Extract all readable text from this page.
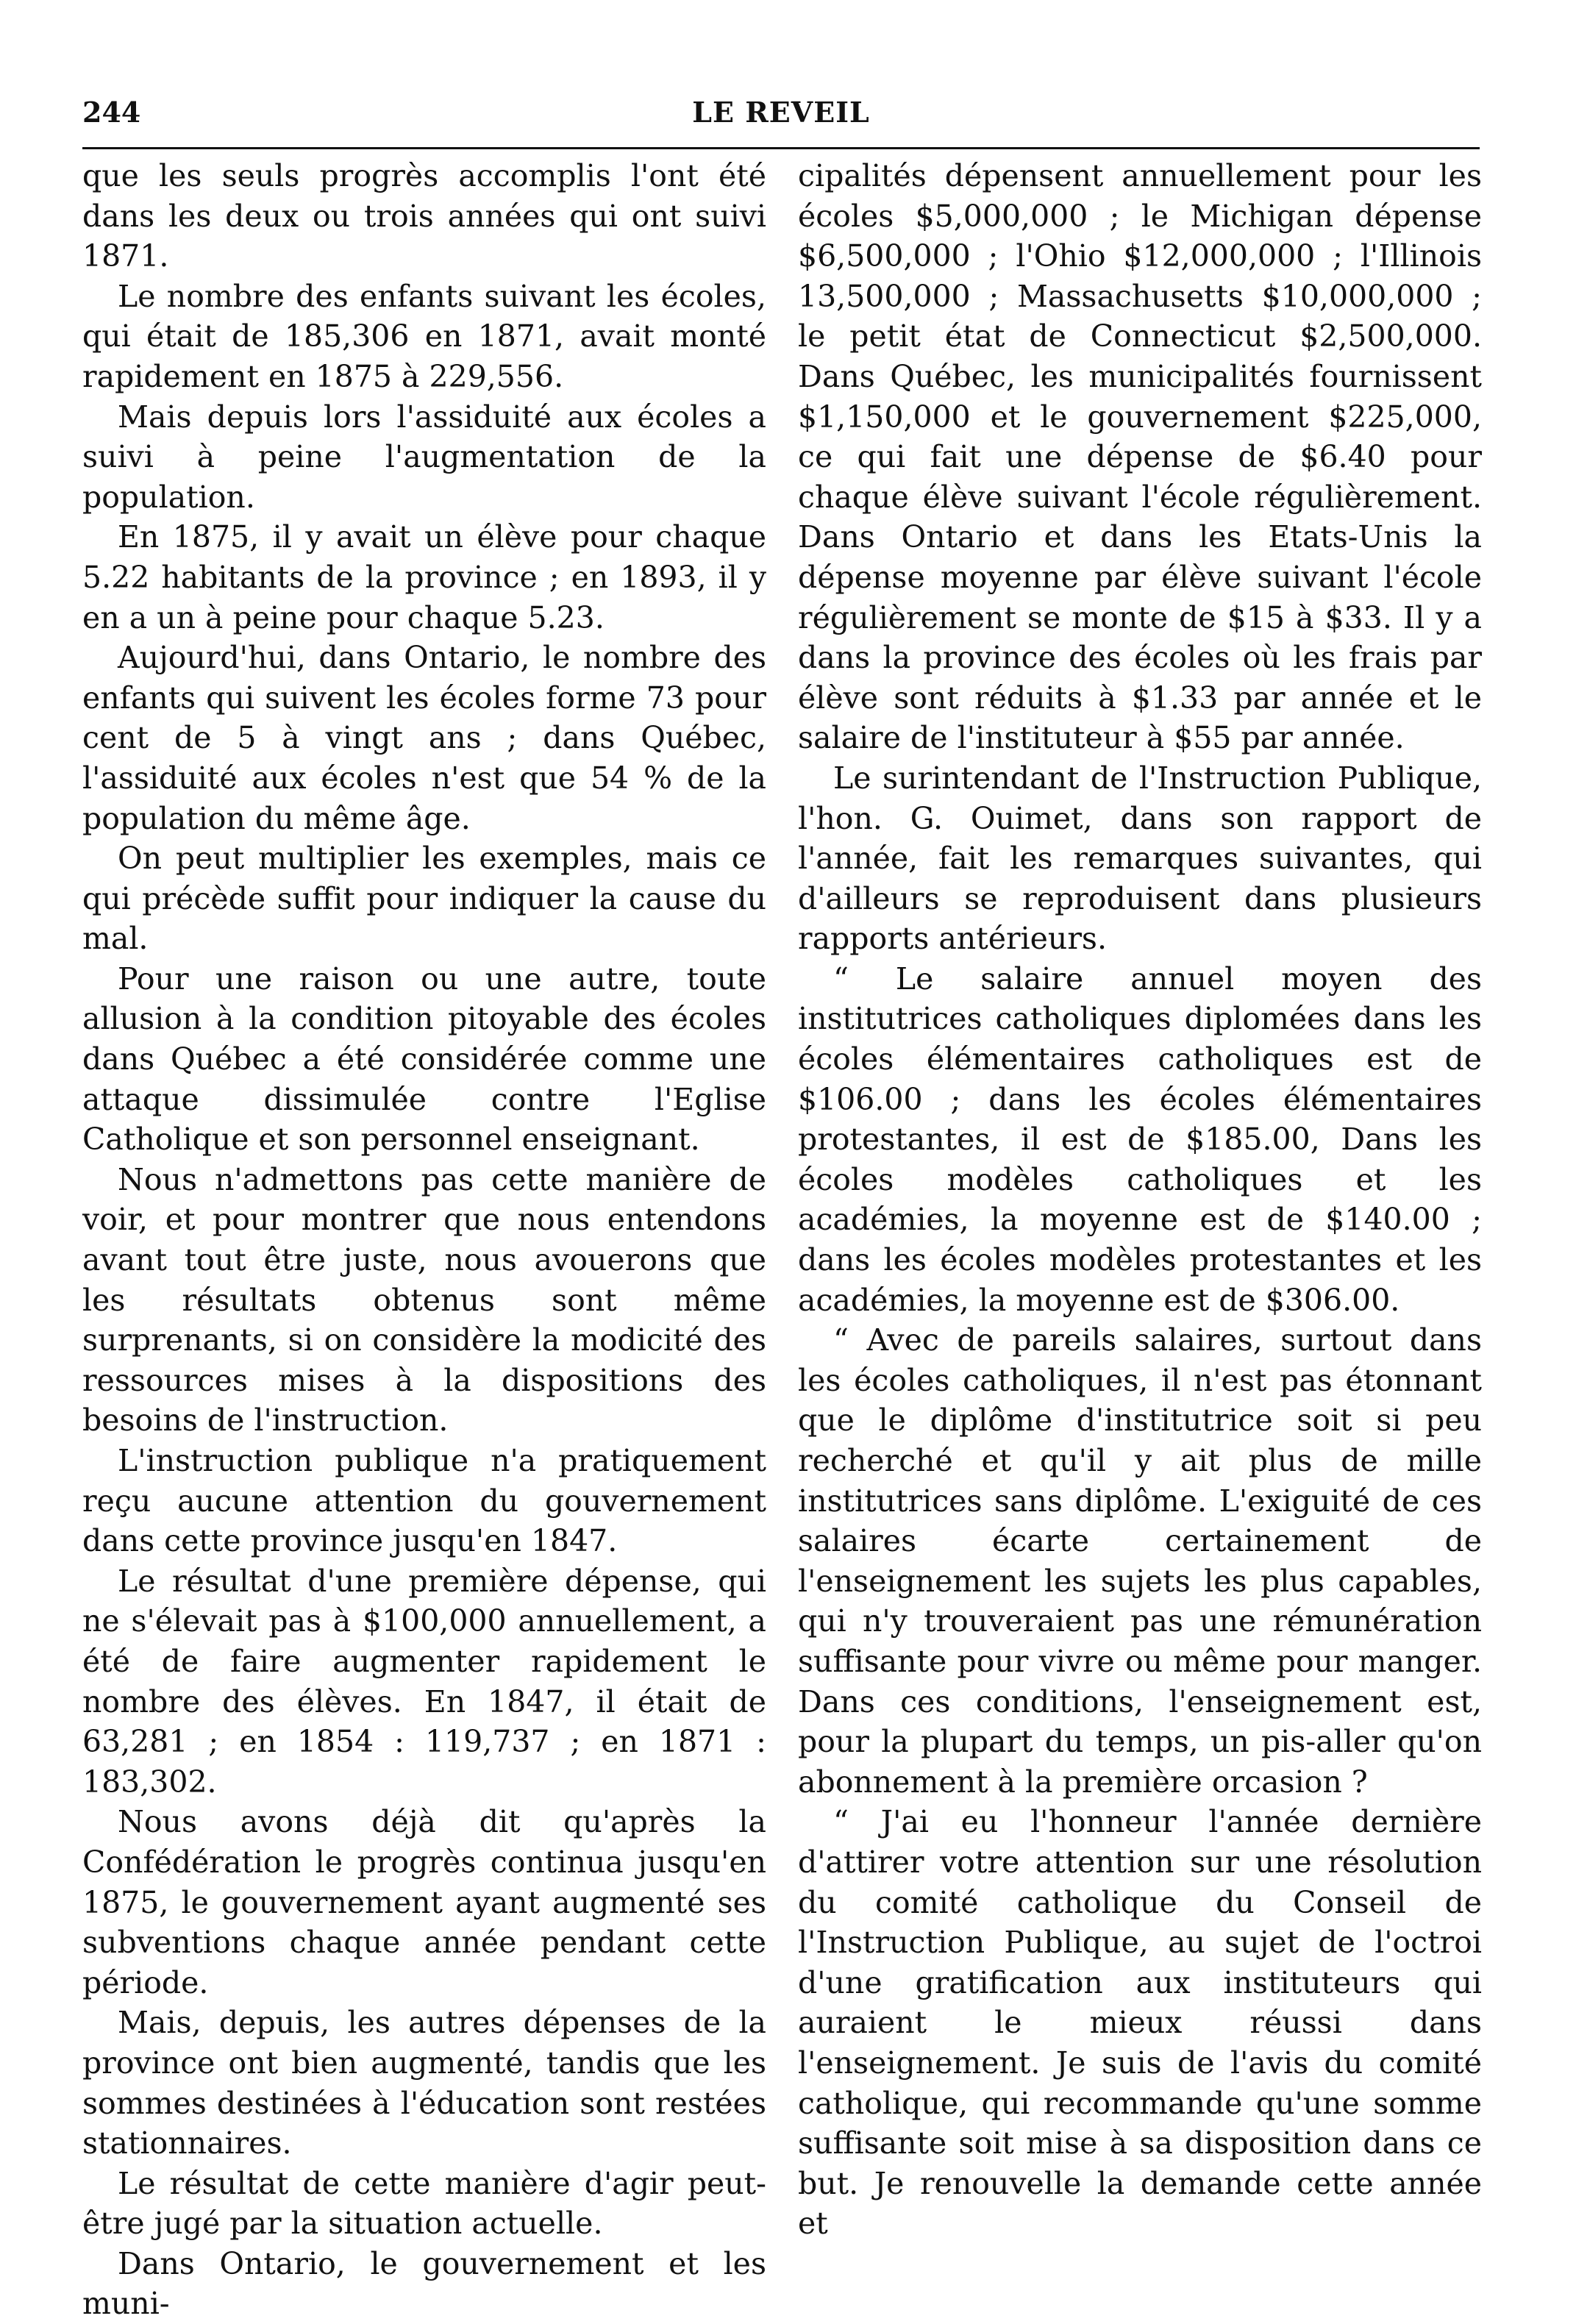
244	LE REVEIL

que les seuls progrès accomplis l'ont été dans les deux ou trois années qui ont suivi 1871.

Le nombre des enfants suivant les écoles, qui était de 185,306 en 1871, avait monté rapidement en 1875 à 229,556.

Mais depuis lors l'assiduité aux écoles a suivi à peine l'augmentation de la population.

En 1875, il y avait un élève pour chaque 5.22 habitants de la province ; en 1893, il y en a un à peine pour chaque 5.23.

Aujourd'hui, dans Ontario, le nombre des enfants qui suivent les écoles forme 73 pour cent de 5 à vingt ans ; dans Québec, l'assiduité aux écoles n'est que 54 % de la population du même âge.

On peut multiplier les exemples, mais ce qui précède suffit pour indiquer la cause du mal.

Pour une raison ou une autre, toute allusion à la condition pitoyable des écoles dans Québec a été considérée comme une attaque dissimulée contre l'Eglise Catholique et son personnel enseignant.

Nous n'admettons pas cette manière de voir, et pour montrer que nous entendons avant tout être juste, nous avouerons que les résultats obtenus sont même surprenants, si on considère la modicité des ressources mises à la dispositions des besoins de l'instruction.

L'instruction publique n'a pratiquement reçu aucune attention du gouvernement dans cette province jusqu'en 1847.

Le résultat d'une première dépense, qui ne s'élevait pas à $100,000 annuellement, a été de faire augmenter rapidement le nombre des élèves. En 1847, il était de 63,281 ; en 1854 : 119,737 ; en 1871 : 183,302.

Nous avons déjà dit qu'après la Confédération le progrès continua jusqu'en 1875, le gouvernement ayant augmenté ses subventions chaque année pendant cette période.

Mais, depuis, les autres dépenses de la province ont bien augmenté, tandis que les sommes destinées à l'éducation sont restées stationnaires.

Le résultat de cette manière d'agir peut-être jugé par la situation actuelle.

Dans Ontario, le gouvernement et les muni-

cipalités dépensent annuellement pour les écoles $5,000,000 ; le Michigan dépense $6,500,000 ; l'Ohio $12,000,000 ; l'Illinois 13,500,000 ; Massachusetts $10,000,000 ; le petit état de Connecticut $2,500,000. Dans Québec, les municipalités fournissent $1,150,000 et le gouvernement $225,000, ce qui fait une dépense de $6.40 pour chaque élève suivant l'école régulièrement. Dans Ontario et dans les Etats-Unis la dépense moyenne par élève suivant l'école régulièrement se monte de $15 à $33. Il y a dans la province des écoles où les frais par élève sont réduits à $1.33 par année et le salaire de l'instituteur à $55 par année.

Le surintendant de l'Instruction Publique, l'hon. G. Ouimet, dans son rapport de l'année, fait les remarques suivantes, qui d'ailleurs se reproduisent dans plusieurs rapports antérieurs.

“ Le salaire annuel moyen des institutrices catholiques diplomées dans les écoles élémentaires catholiques est de $106.00 ; dans les écoles élémentaires protestantes, il est de $185.00, Dans les écoles modèles catholiques et les académies, la moyenne est de $140.00 ; dans les écoles modèles protestantes et les académies, la moyenne est de $306.00.

“ Avec de pareils salaires, surtout dans les écoles catholiques, il n'est pas étonnant que le diplôme d'institutrice soit si peu recherché et qu'il y ait plus de mille institutrices sans diplôme. L'exiguité de ces salaires écarte certainement de l'enseignement les sujets les plus capables, qui n'y trouveraient pas une rémunération suffisante pour vivre ou même pour manger. Dans ces conditions, l'enseignement est, pour la plupart du temps, un pis-aller qu'on abonnement à la première orcasion ?

“ J'ai eu l'honneur l'année dernière d'attirer votre attention sur une résolution du comité catholique du Conseil de l'Instruction Publique, au sujet de l'octroi d'une gratification aux instituteurs qui auraient le mieux réussi dans l'enseignement. Je suis de l'avis du comité catholique, qui recommande qu'une somme suffisante soit mise à sa disposition dans ce but. Je renouvelle la demande cette année et
